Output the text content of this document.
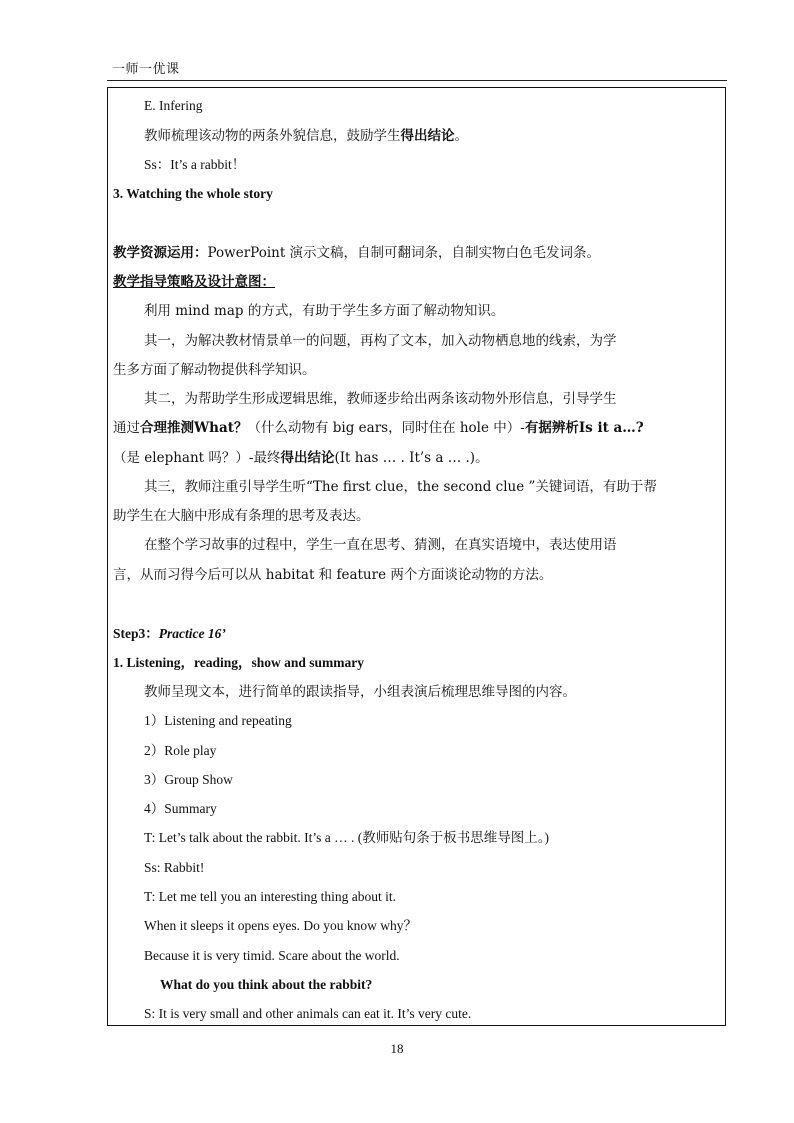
一师一优课
E. Infering
教师梳理该动物的两条外貌信息，鼓励学生得出结论。
Ss：It’s a rabbit！
3. Watching the whole story
教学资源运用：PowerPoint 演示文稿，自制可翻词条，自制实物白色毛发词条。
教学指导策略及设计意图：
利用 mind map 的方式，有助于学生多方面了解动物知识。
其一，为解决教材情景单一的问题，再构了文本，加入动物栖息地的线索，为学
生多方面了解动物提供科学知识。
其二，为帮助学生形成逻辑思维，教师逐步给出两条该动物外形信息，引导学生
通过合理推测What？（什么动物有 big ears，同时住在 hole 中）-有据辨析Is it a…?
（是 elephant 吗？）-最终得出结论(It has … . It’s a … .)。
其三，教师注重引导学生听“The first clue，the second clue ”关键词语，有助于帮
助学生在大脑中形成有条理的思考及表达。
在整个学习故事的过程中，学生一直在思考、猜测，在真实语境中，表达使用语
言，从而习得今后可以从 habitat 和 feature 两个方面谈论动物的方法。
Step3：Practice 16’
1. Listening，reading，show and summary
教师呈现文本，进行简单的跟读指导，小组表演后梳理思维导图的内容。
1）Listening and repeating
2）Role play
3）Group Show
4）Summary
T: Let’s talk about the rabbit. It’s a … . (教师贴句条于板书思维导图上。)
Ss: Rabbit!
T: Let me tell you an interesting thing about it.
When it sleeps it opens eyes. Do you know why？
Because it is very timid. Scare about the world.
What do you think about the rabbit?
S: It is very small and other animals can eat it. It’s very cute.
18
